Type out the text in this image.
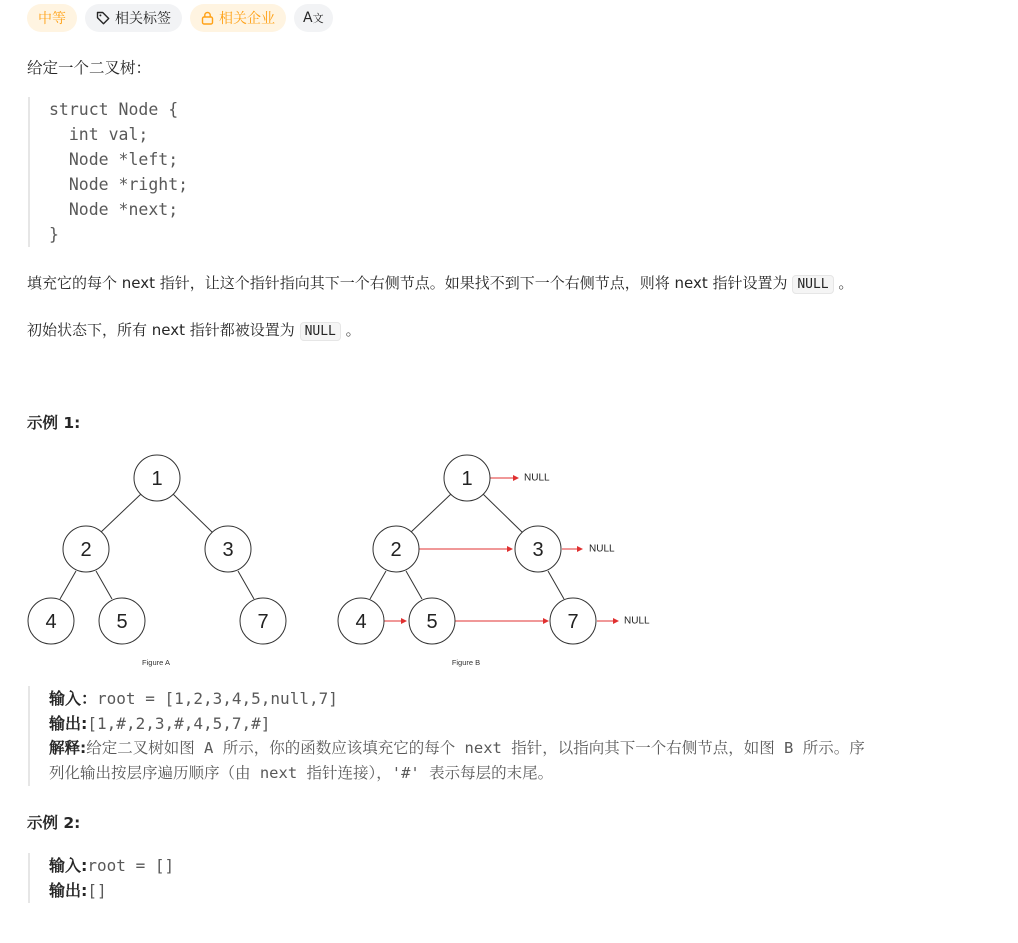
中等	相关标签	相关企业 A文
给定一个二叉树：
struct Node {
int val;
Node *left;
Node *right;
Node *next;
}
填充它的每个 next 指针，让这个指针指向其下一个右侧节点。如果找不到下一个右侧节点，则将 next 指针设置为 NULL 。
初始状态下，所有 next 指针都被设置为 NULL 。
示例 1:
1
2	3
4	5	7
1
2	3
4	5	7
NULL
NULL
NULL
Figure A	Figure B
输入：root = [1,2,3,4,5,null,7]
输出:[1,#,2,3,#,4,5,7,#]
解释:给定二叉树如图 A 所示，你的函数应该填充它的每个 next 指针，以指向其下一个右侧节点，如图 B 所示。序
列化输出按层序遍历顺序（由 next 指针连接），'#' 表示每层的末尾。
示例 2:
输入:root = []
输出:[]
